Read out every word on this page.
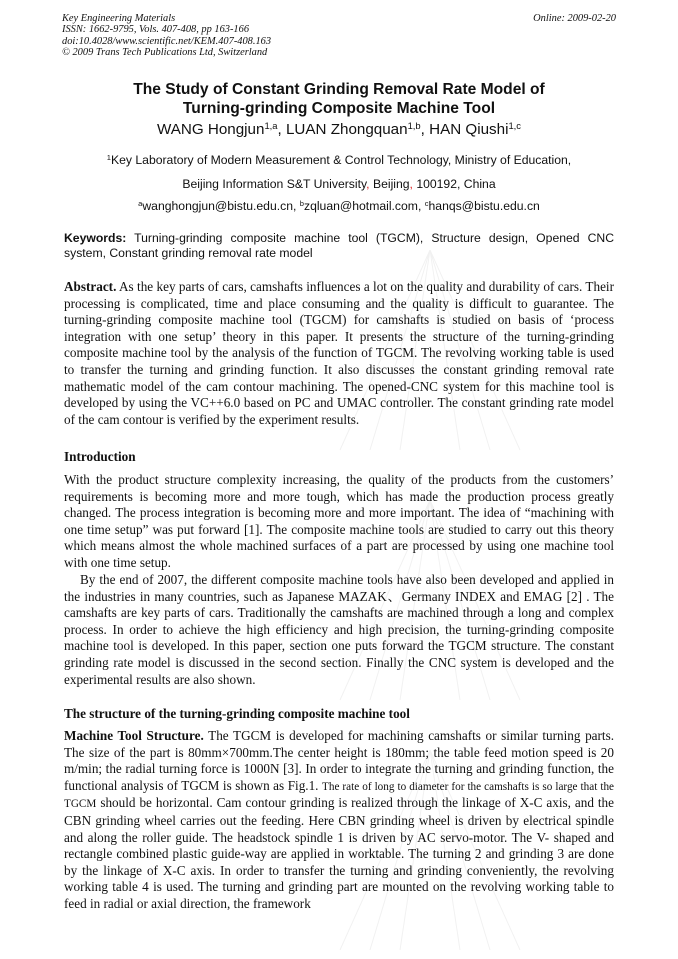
Key Engineering Materials
ISSN: 1662-9795, Vols. 407-408, pp 163-166
doi:10.4028/www.scientific.net/KEM.407-408.163
© 2009 Trans Tech Publications Ltd, Switzerland
Online: 2009-02-20
The Study of Constant Grinding Removal Rate Model of
Turning-grinding Composite Machine Tool
WANG Hongjun$^{1,a}$, LUAN Zhongquan$^{1,b}$, HAN Qiushi$^{1,c}$
$^1$Key Laboratory of Modern Measurement & Control Technology, Ministry of Education,
Beijing Information S&T University, Beijing, 100192, China
$^a$wanghongjun@bistu.edu.cn, $^b$zqluan@hotmail.com, $^c$hanqs@bistu.edu.cn
Keywords: Turning-grinding composite machine tool (TGCM), Structure design, Opened CNC system, Constant grinding removal rate model

Abstract. As the key parts of cars, camshafts influences a lot on the quality and durability of cars. Their processing is complicated, time and place consuming and the quality is difficult to guarantee. The turning-grinding composite machine tool (TGCM) for camshafts is studied on basis of ‘process integration with one setup’ theory in this paper. It presents the structure of the turning-grinding composite machine tool by the analysis of the function of TGCM. The revolving working table is used to transfer the turning and grinding function. It also discusses the constant grinding removal rate mathematic model of the cam contour machining. The opened-CNC system for this machine tool is developed by using the VC++6.0 based on PC and UMAC controller. The constant grinding rate model of the cam contour is verified by the experiment results.

Introduction

With the product structure complexity increasing, the quality of the products from the customers’ requirements is becoming more and more tough, which has made the production process greatly changed. The process integration is becoming more and more important. The idea of “machining with one time setup” was put forward [1]. The composite machine tools are studied to carry out this theory which means almost the whole machined surfaces of a part are processed by using one machine tool with one time setup.

By the end of 2007, the different composite machine tools have also been developed and applied in the industries in many countries, such as Japanese MAZAK、Germany INDEX and EMAG [2] . The camshafts are key parts of cars. Traditionally the camshafts are machined through a long and complex process. In order to achieve the high efficiency and high precision, the turning-grinding composite machine tool is developed. In this paper, section one puts forward the TGCM structure. The constant grinding rate model is discussed in the second section. Finally the CNC system is developed and the experimental results are also shown.

The structure of the turning-grinding composite machine tool

Machine Tool Structure. The TGCM is developed for machining camshafts or similar turning parts. The size of the part is 80mm×700mm.The center height is 180mm; the table feed motion speed is 20 m/min; the radial turning force is 1000N [3]. In order to integrate the turning and grinding function, the functional analysis of TGCM is shown as Fig.1. The rate of long to diameter for the camshafts is so large that the TGCM should be horizontal. Cam contour grinding is realized through the linkage of X-C axis, and the CBN grinding wheel carries out the feeding. Here CBN grinding wheel is driven by electrical spindle and along the roller guide. The headstock spindle 1 is driven by AC servo-motor. The V- shaped and rectangle combined plastic guide-way are applied in worktable. The turning 2 and grinding 3 are done by the linkage of X-C axis. In order to transfer the turning and grinding conveniently, the revolving working table 4 is used. The turning and grinding part are mounted on the revolving working table to feed in radial or axial direction, the framework
